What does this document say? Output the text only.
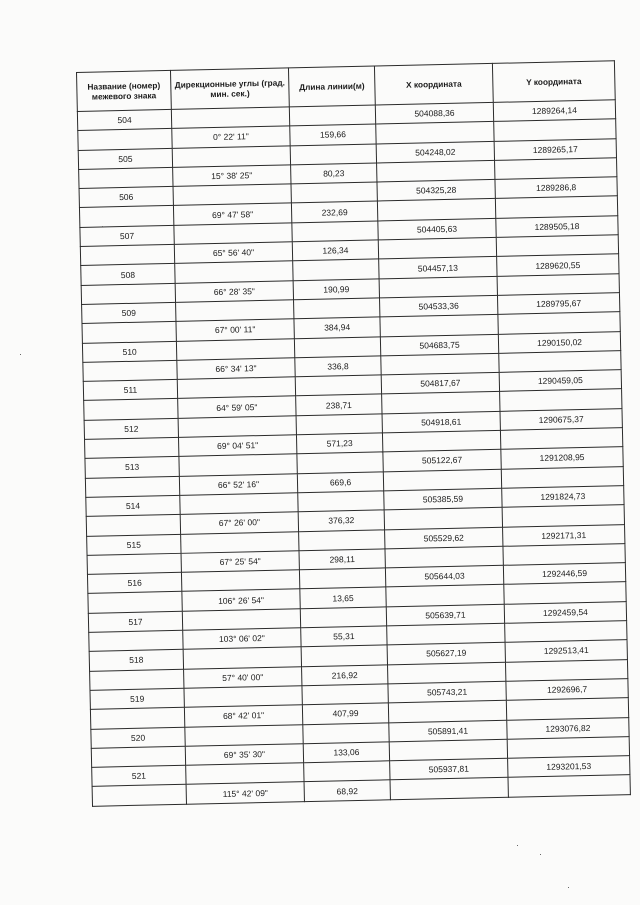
Название (номер) межевого знака	Дирекционные углы (град. мин. сек.)	Длина линии(м)	X координата	Y координата
504			504088,36	1289264,14
	0° 22' 11"	159,66		
505			504248,02	1289265,17
	15° 38' 25"	80,23		
506			504325,28	1289286,8
	69° 47' 58"	232,69		
507			504405,63	1289505,18
	65° 56' 40"	126,34		
508			504457,13	1289620,55
	66° 28' 35"	190,99		
509			504533,36	1289795,67
	67° 00' 11"	384,94		
510			504683,75	1290150,02
	66° 34' 13"	336,8		
511			504817,67	1290459,05
	64° 59' 05"	238,71		
512			504918,61	1290675,37
	69° 04' 51"	571,23		
513			505122,67	1291208,95
	66° 52' 16"	669,6		
514			505385,59	1291824,73
	67° 26' 00"	376,32		
515			505529,62	1292171,31
	67° 25' 54"	298,11		
516			505644,03	1292446,59
	106° 26' 54"	13,65		
517			505639,71	1292459,54
	103° 06' 02"	55,31		
518			505627,19	1292513,41
	57° 40' 00"	216,92		
519			505743,21	1292696,7
	68° 42' 01"	407,99		
520			505891,41	1293076,82
	69° 35' 30"	133,06		
521			505937,81	1293201,53
	115° 42' 09"	68,92		
